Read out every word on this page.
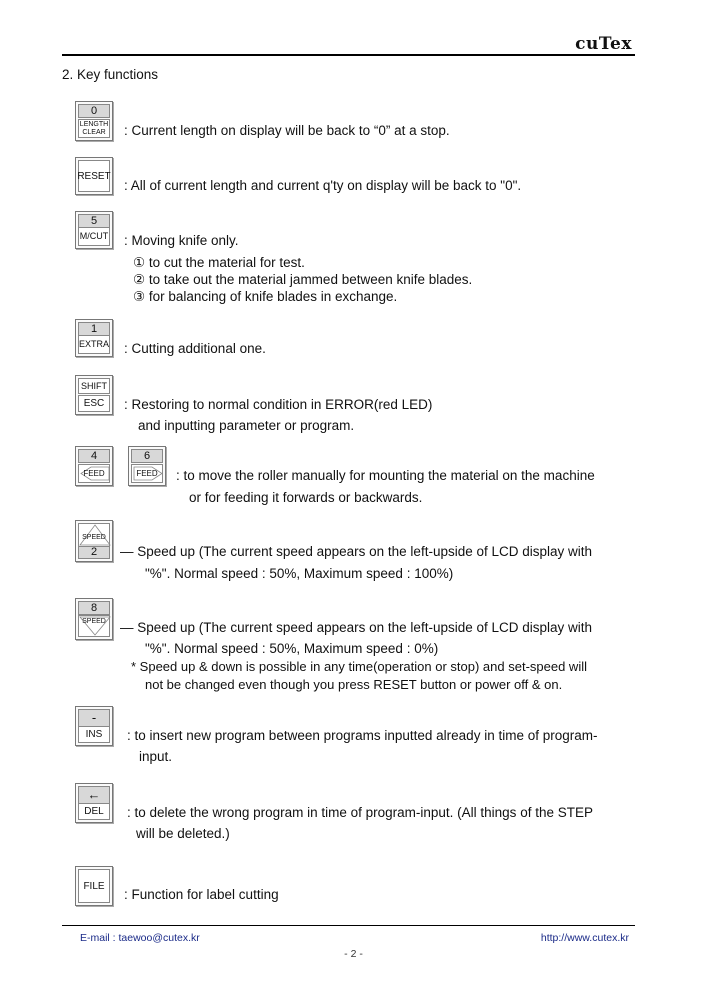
cuTex
2. Key functions
0
LENGTH
CLEAR : Current length on display will be back to “0” at a stop.
RESET
: All of current length and current q'ty on display will be back to "0".
5
M/CUT : Moving knife only.
① to cut the material for test.
② to take out the material jammed between knife blades.
③ for balancing of knife blades in exchange.
1
EXTRA : Cutting additional one.
SHIFT
ESC	: Restoring to normal condition in ERROR(red LED)
and inputting parameter or program.
4
FEED
6
FEED	: to move the roller manually for mounting the material on the machine
or for feeding it forwards or backwards.
SPEED
2	— Speed up (The current speed appears on the left-upside of LCD display with
"%". Normal speed : 50%, Maximum speed : 100%)
8
SPEED — Speed up (The current speed appears on the left-upside of LCD display with
"%". Normal speed : 50%, Maximum speed : 0%)
* Speed up & down is possible in any time(operation or stop) and set-speed will
not be changed even though you press RESET button or power off & on.
-
INS	: to insert new program between programs inputted already in time of program-
input.
←
DEL	: to delete the wrong program in time of program-input. (All things of the STEP
will be deleted.)
FILE
: Function for label cutting
E-mail : taewoo@cutex.kr	http://www.cutex.kr
- 2 -
